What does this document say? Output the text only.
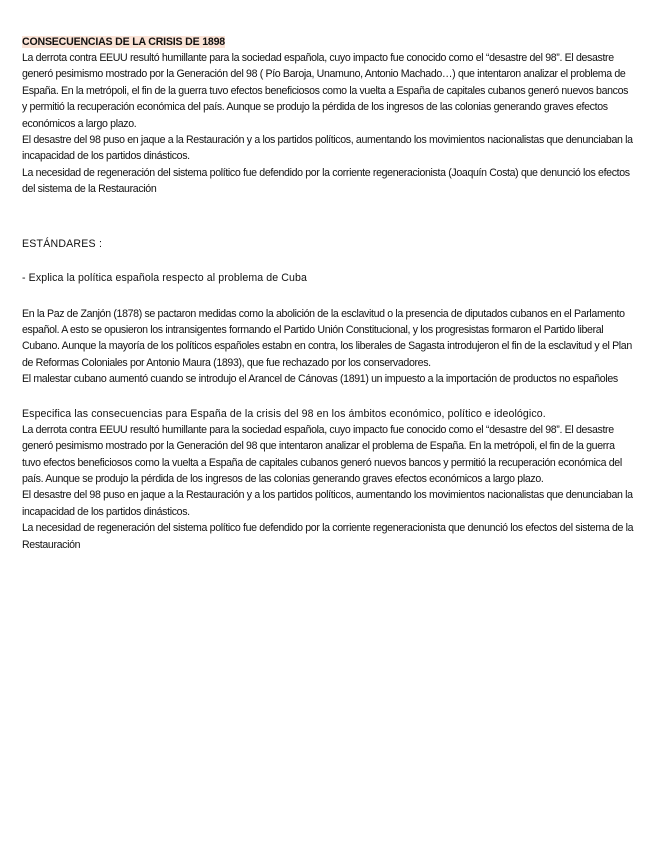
CONSECUENCIAS DE LA CRISIS DE 1898

La derrota contra EEUU resultó humillante para la sociedad española, cuyo impacto fue conocido como el “desastre del 98”. El desastre generó pesimismo mostrado por la Generación del 98 ( Pío Baroja, Unamuno, Antonio Machado…) que intentaron analizar el problema de España. En la metrópoli, el fin de la guerra tuvo efectos beneficiosos como la vuelta a España de capitales cubanos generó nuevos bancos y permitió la recuperación económica del país. Aunque se produjo la pérdida de los ingresos de las colonias generando graves efectos económicos a largo plazo.

El desastre del 98 puso en jaque a la Restauración y a los partidos políticos, aumentando los movimientos nacionalistas que denunciaban la incapacidad de los partidos dinásticos.

La necesidad de regeneración del sistema político fue defendido por la corriente regeneracionista (Joaquín Costa) que denunció los efectos del sistema de la Restauración

ESTÁNDARES :

- Explica la política española respecto al problema de Cuba

En la Paz de Zanjón (1878) se pactaron medidas como la abolición de la esclavitud o la presencia de diputados cubanos en el Parlamento español. A esto se opusieron los intransigentes formando el Partido Unión Constitucional, y los progresistas formaron el Partido liberal Cubano. Aunque la mayoría de los políticos españoles estabn en contra, los liberales de Sagasta introdujeron el fin de la esclavitud y el Plan de Reformas Coloniales por Antonio Maura (1893), que fue rechazado por los conservadores.

El malestar cubano aumentó cuando se introdujo el Arancel de Cánovas (1891) un impuesto a la importación de productos no españoles

Especifica las consecuencias para España de la crisis del 98 en los ámbitos económico, político e ideológico.

La derrota contra EEUU resultó humillante para la sociedad española, cuyo impacto fue conocido como el “desastre del 98”. El desastre generó pesimismo mostrado por la Generación del 98 que intentaron analizar el problema de España. En la metrópoli, el fin de la guerra tuvo efectos beneficiosos como la vuelta a España de capitales cubanos generó nuevos bancos y permitió la recuperación económica del país. Aunque se produjo la pérdida de los ingresos de las colonias generando graves efectos económicos a largo plazo.

El desastre del 98 puso en jaque a la Restauración y a los partidos políticos, aumentando los movimientos nacionalistas que denunciaban la incapacidad de los partidos dinásticos.

La necesidad de regeneración del sistema político fue defendido por la corriente regeneracionista que denunció los efectos del sistema de la Restauración
